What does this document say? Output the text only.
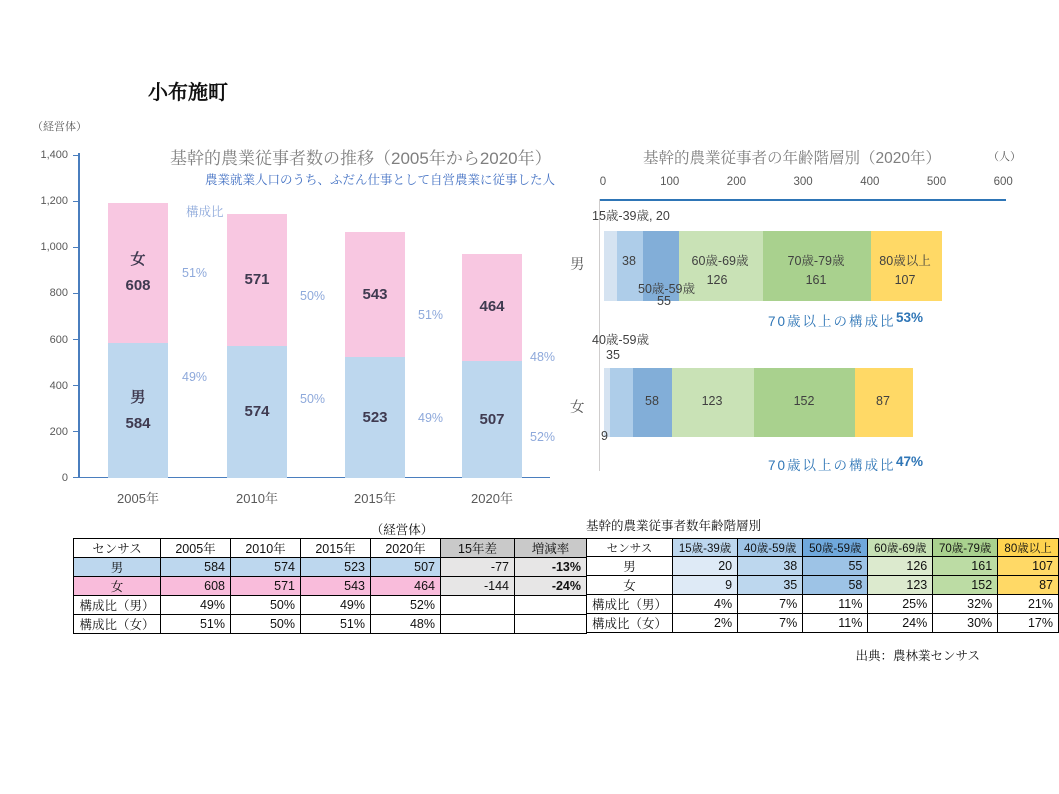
小布施町
（経営体）
基幹的農業従事者数の推移（2005年から2020年）
農業就業人口のうち、ふだん仕事として自営農業に従事した人
構成比
1,400
1,200
1,000
800
600
400
200
0
女
608
男
584
571
574
543
523
464
507
51%
49%
50%
50%
51%
49%
48%
52%
2005年	2010年	2015年	2020年
基幹的農業従事者の年齢階層別（2020年）	（人）
0	100	200	300	400	500	600
男
女
15歳-39歳, 20
38
50歳-59歳
55
60歳-69歳
126
70歳-79歳
161
80歳以上
107
70歳以上の構成比 53%
40歳-59歳
35
9
58	123	152	87
70歳以上の構成比 47%
（経営体）
センサス	2005年	2010年	2015年	2020年	15年差	増減率
男	584	574	523	507	-77	-13%
女	608	571	543	464	-144	-24%
構成比（男）	49%	50%	49%	52%		
構成比（女）	51%	50%	51%	48%		
基幹的農業従事者数年齢階層別
センサス	15歳-39歳	40歳-59歳	50歳-59歳	60歳-69歳	70歳-79歳	80歳以上
男	20	38	55	126	161	107
女	9	35	58	123	152	87
構成比（男）	4%	7%	11%	25%	32%	21%
構成比（女）	2%	7%	11%	24%	30%	17%
出典：農林業センサス
